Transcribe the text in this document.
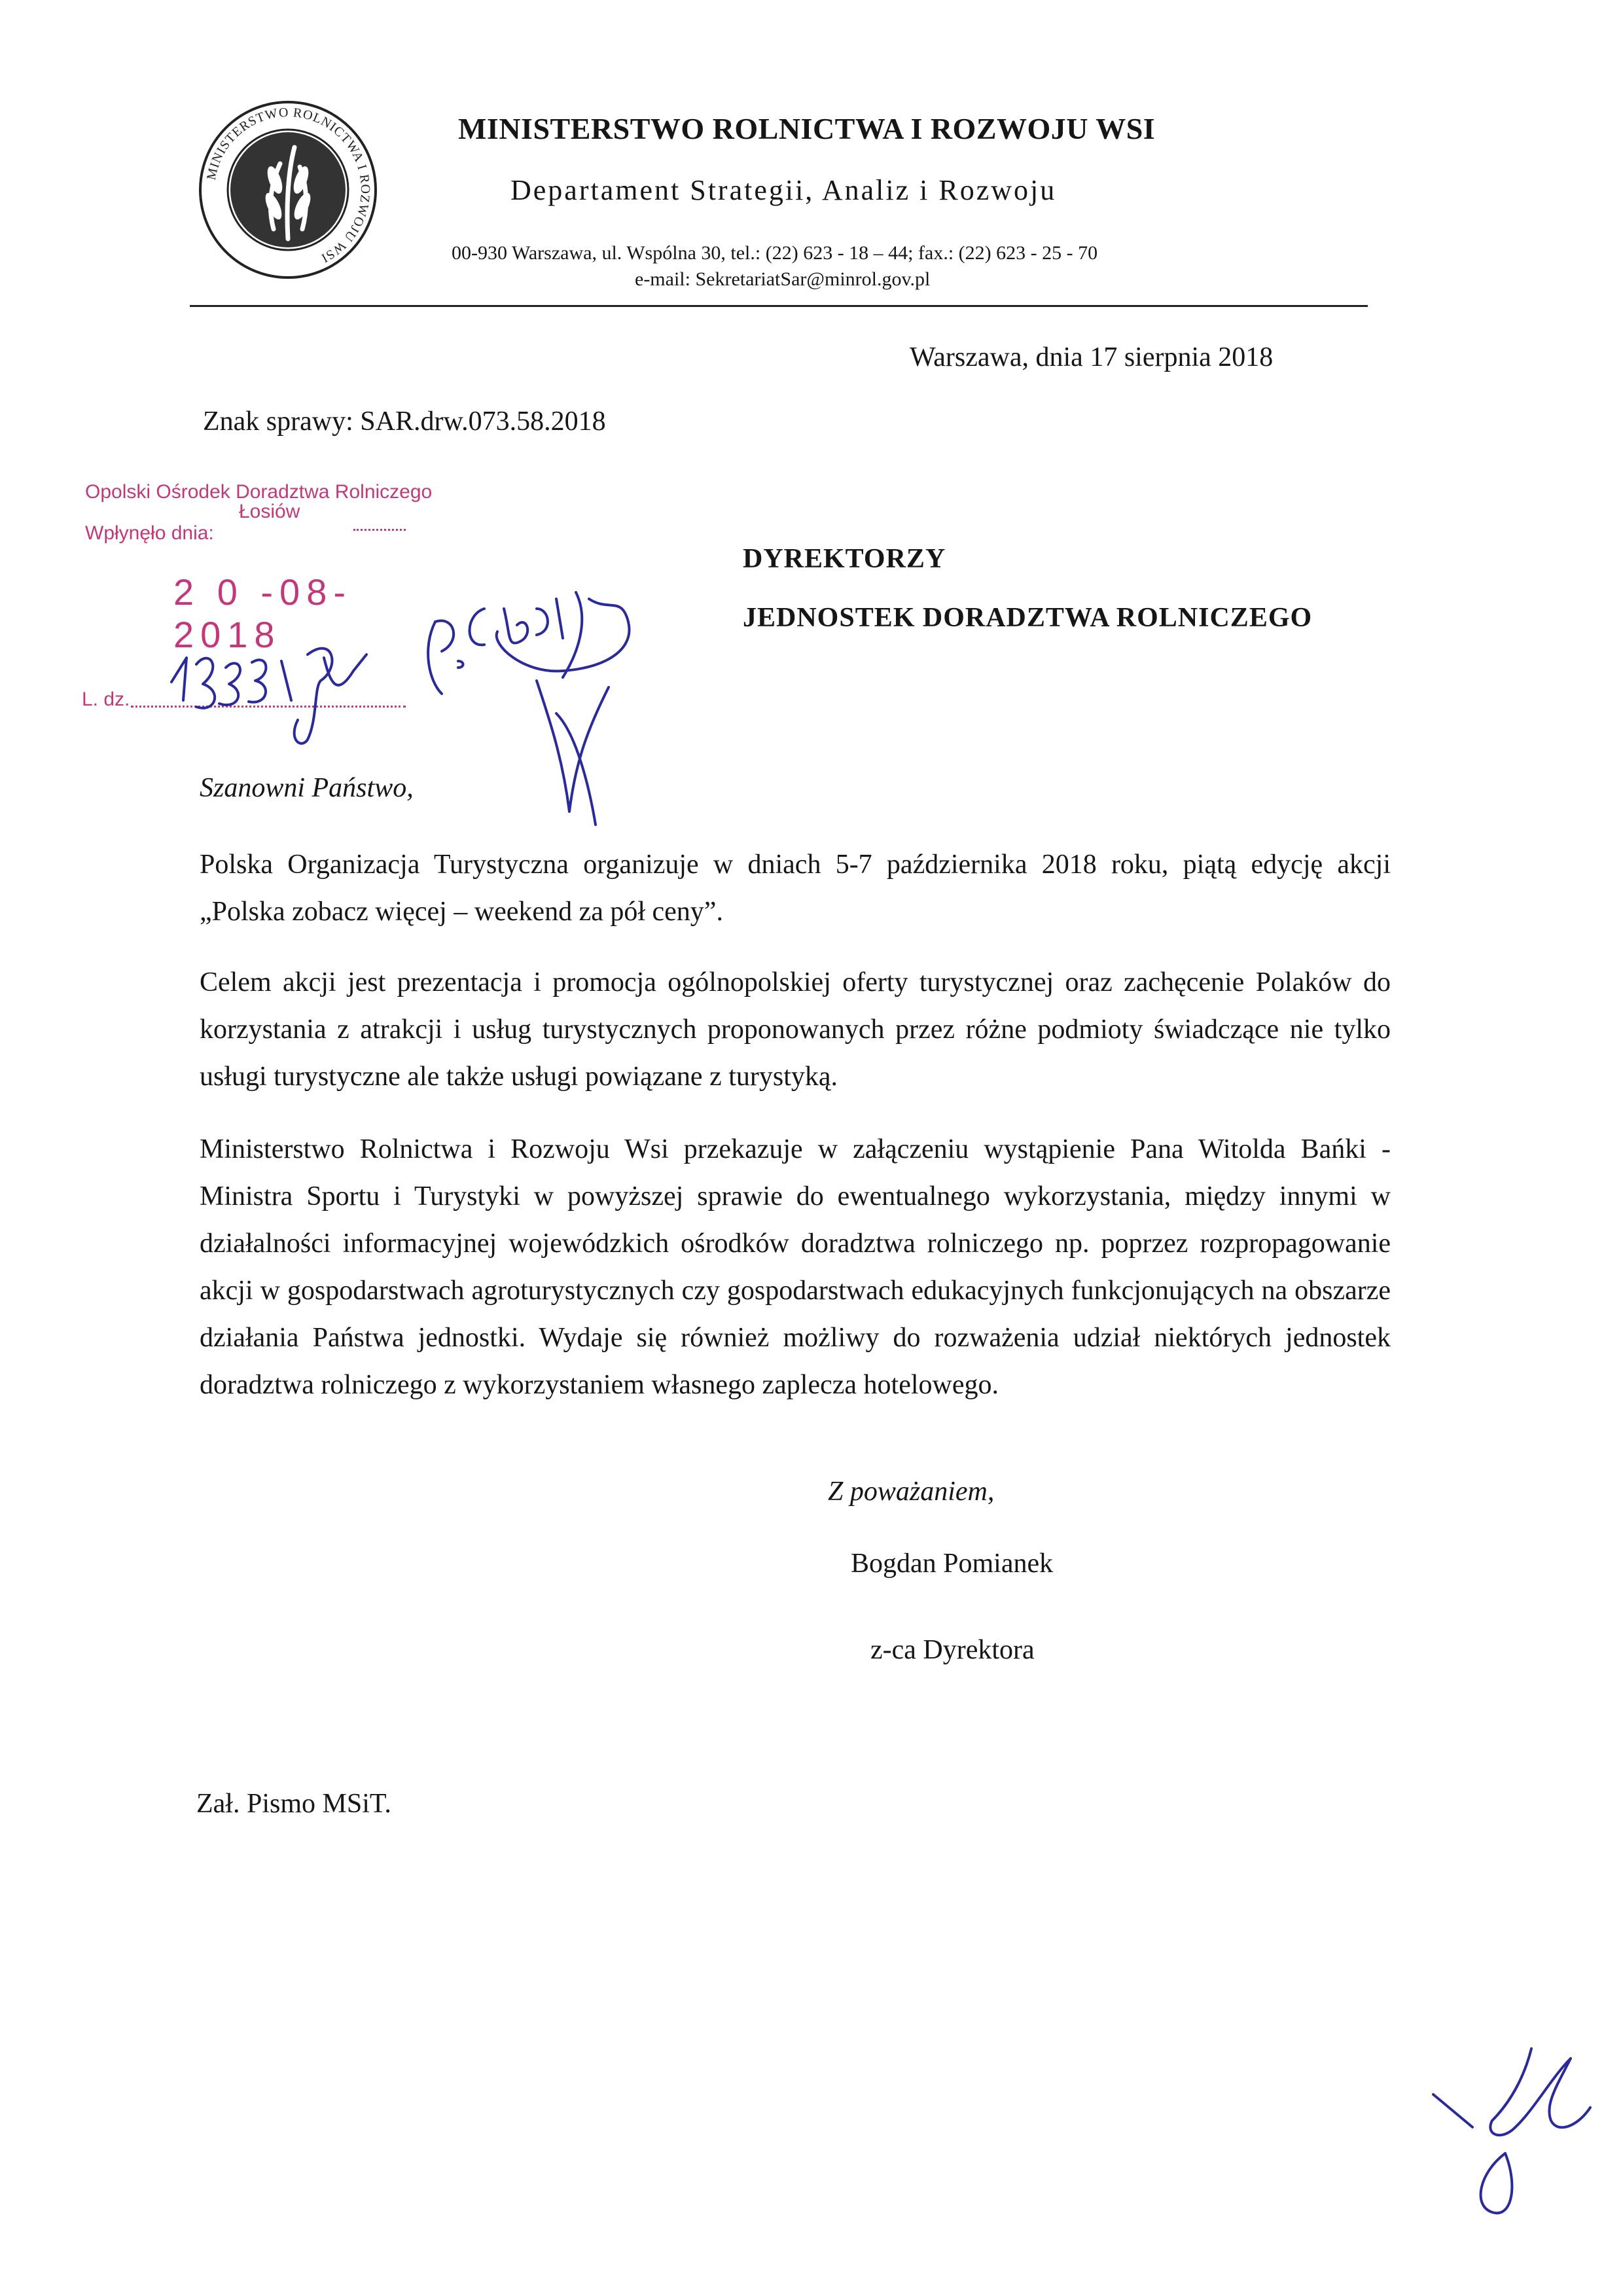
MINISTERSTWO ROLNICTWA I ROZWOJU WSI
MINISTERSTWO ROLNICTWA I ROZWOJU WSI
Departament Strategii, Analiz i Rozwoju
00-930 Warszawa, ul. Wspólna 30, tel.: (22) 623 - 18 – 44; fax.: (22) 623 - 25 - 70
e-mail: SekretariatSar@minrol.gov.pl
Warszawa, dnia 17 sierpnia 2018
Znak sprawy: SAR.drw.073.58.2018
Opolski Ośrodek Doradztwa Rolniczego
Łosiów
Wpłynęło dnia:
2 0 -08- 2018
L. dz.
DYREKTORZY
JEDNOSTEK DORADZTWA ROLNICZEGO
Szanowni Państwo,
Polska Organizacja Turystyczna organizuje w dniach 5-7 października 2018 roku, piątą edycję akcji „Polska zobacz więcej – weekend za pół ceny”.
Celem akcji jest prezentacja i promocja ogólnopolskiej oferty turystycznej oraz zachęcenie Polaków do korzystania z atrakcji i usług turystycznych proponowanych przez różne podmioty świadczące nie tylko usługi turystyczne ale także usługi powiązane z turystyką.
Ministerstwo Rolnictwa i Rozwoju Wsi przekazuje w załączeniu wystąpienie Pana Witolda Bańki - Ministra Sportu i Turystyki w powyższej sprawie do ewentualnego wykorzystania, między innymi w działalności informacyjnej wojewódzkich ośrodków doradztwa rolniczego np. poprzez rozpropagowanie akcji w gospodarstwach agroturystycznych czy gospodarstwach edukacyjnych funkcjonujących na obszarze działania Państwa jednostki. Wydaje się również możliwy do rozważenia udział niektórych jednostek doradztwa rolniczego z wykorzystaniem własnego zaplecza hotelowego.
Z poważaniem,
Bogdan Pomianek
z-ca Dyrektora
Zał. Pismo MSiT.
